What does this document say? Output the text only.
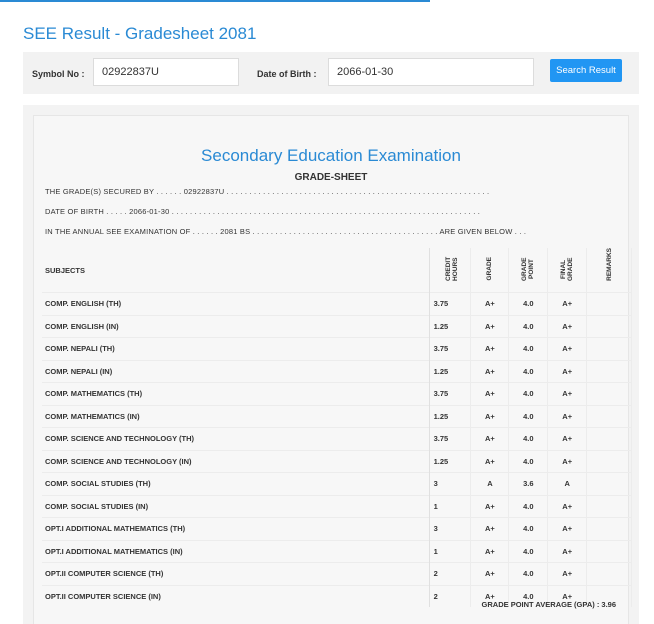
SEE Result - Gradesheet 2081
Symbol No :	02922837U	Date of Birth :	2066-01-30	Search Result
Secondary Education Examination
GRADE-SHEET
THE GRADE(S) SECURED BY . . . . . . 02922837U . . . . . . . . . . . . . . . . . . . . . . . . . . . . . . . . . . . . . . . . . . . . . . . . . . . . . . . . . .
DATE OF BIRTH . . . . . 2066-01-30 . . . . . . . . . . . . . . . . . . . . . . . . . . . . . . . . . . . . . . . . . . . . . . . . . . . . . . . . . . . . . . . . . . . .
IN THE ANNUAL SEE EXAMINATION OF . . . . . . 2081 BS . . . . . . . . . . . . . . . . . . . . . . . . . . . . . . . . . . . . . . . . . ARE GIVEN BELOW . . .
SUBJECTS	CREDIT HOURS	GRADE	GRADE POINT	FINAL GRADE	REMARKS
COMP. ENGLISH (TH)	3.75	A+	4.0	A+	
COMP. ENGLISH (IN)	1.25	A+	4.0	A+	
COMP. NEPALI (TH)	3.75	A+	4.0	A+	
COMP. NEPALI (IN)	1.25	A+	4.0	A+	
COMP. MATHEMATICS (TH)	3.75	A+	4.0	A+	
COMP. MATHEMATICS (IN)	1.25	A+	4.0	A+	
COMP. SCIENCE AND TECHNOLOGY (TH)	3.75	A+	4.0	A+	
COMP. SCIENCE AND TECHNOLOGY (IN)	1.25	A+	4.0	A+	
COMP. SOCIAL STUDIES (TH)	3	A	3.6	A	
COMP. SOCIAL STUDIES (IN)	1	A+	4.0	A+	
OPT.I ADDITIONAL MATHEMATICS (TH)	3	A+	4.0	A+	
OPT.I ADDITIONAL MATHEMATICS (IN)	1	A+	4.0	A+	
OPT.II COMPUTER SCIENCE (TH)	2	A+	4.0	A+	
OPT.II COMPUTER SCIENCE (IN)	2	A+	4.0	A+	
GRADE POINT AVERAGE (GPA) : 3.96
